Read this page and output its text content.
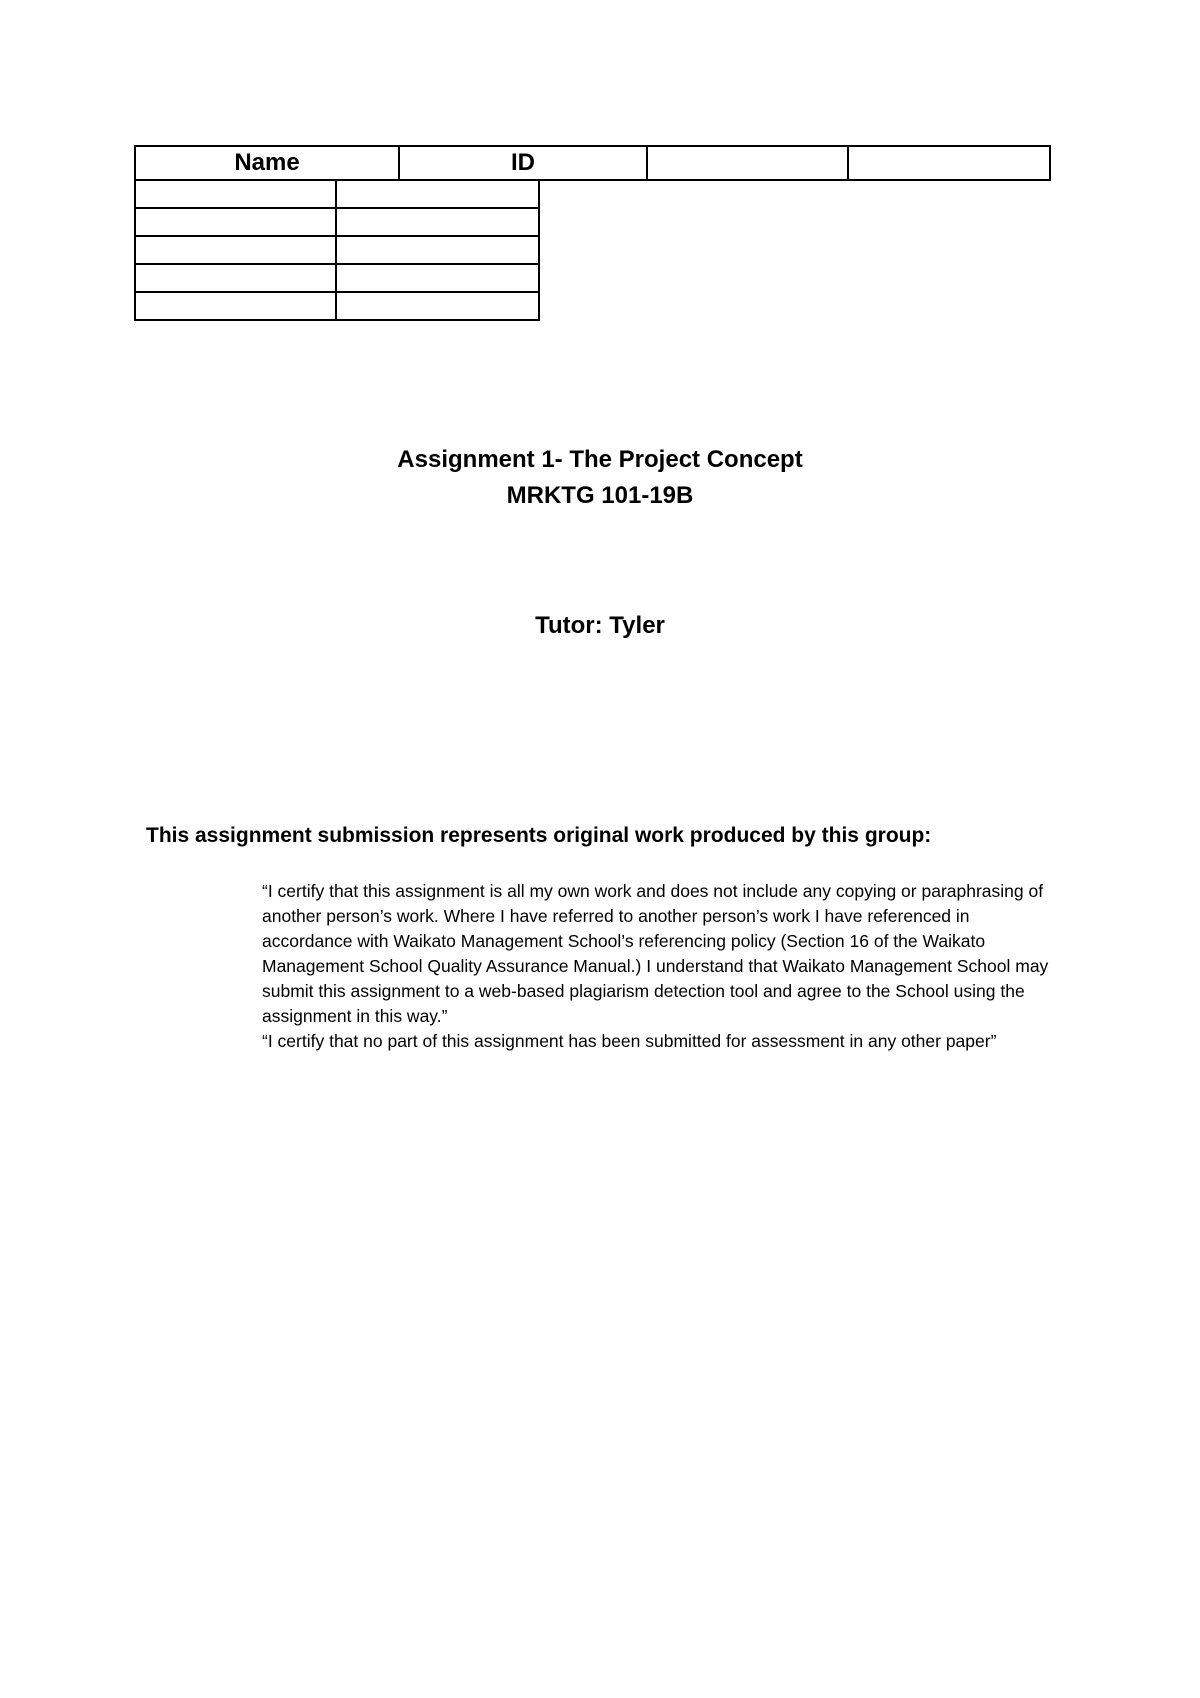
Name	ID
Assignment 1- The Project Concept
MRKTG 101-19B
Tutor: Tyler
This assignment submission represents original work produced by this group:

“I certify that this assignment is all my own work and does not include any copying or paraphrasing of another person’s work. Where I have referred to another person’s work I have referenced in accordance with Waikato Management School’s referencing policy (Section 16 of the Waikato Management School Quality Assurance Manual.) I understand that Waikato Management School may submit this assignment to a web-based plagiarism detection tool and agree to the School using the assignment in this way.”

“I certify that no part of this assignment has been submitted for assessment in any other paper”
